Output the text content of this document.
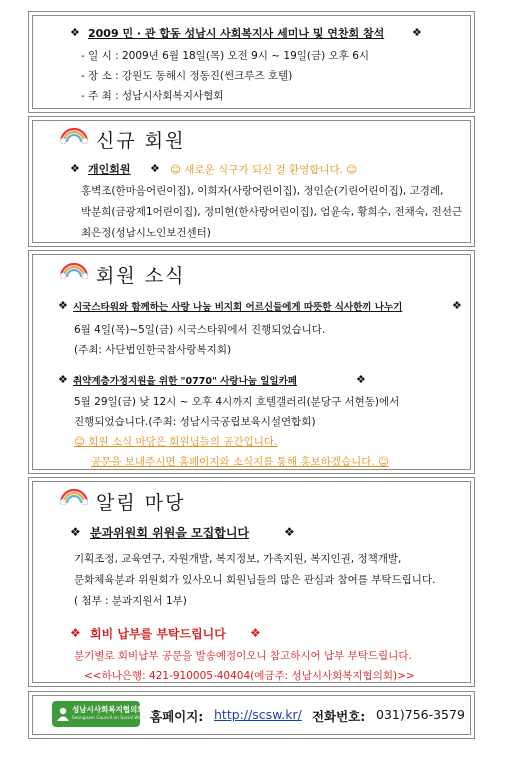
❖ 2009 민 · 관 합동 성남시 사회복지사 세미나 및 연찬회 참석	❖
- 일 시 : 2009년 6월 18일(목) 오전 9시 ~ 19일(금) 오후 6시
- 장 소 : 강원도 동해시 정동진(썬크루즈 호텔)
- 주 최 : 성남시사회복지사협회
신규 회원
❖ 개인회원 ❖ ☺ 새로운 식구가 되신 걸 환영합니다. ☺
홍벽조(한마음어린이집), 이희자(사랑어린이집), 정인순(기린어린이집), 고경례,
박분희(금광제1어린이집), 정미현(한사랑어린이집), 엄윤숙, 황희수, 전채숙, 전선근
최은정(성남시노인보건센터)
회원 소식
❖ 시국스타워와 함께하는 사랑 나눔 비지회 어르신들에게 따뜻한 식사한끼 나누기	❖
6월 4일(목)~5일(금) 시국스타워에서 진행되었습니다.
(주최: 사단법인한국참사랑복지회)
❖ 취약계층가정지원을 위한 "0770" 사랑나눔 일일카페	❖
5월 29일(금) 낮 12시 ~ 오후 4시까지 호텔갤러리(분당구 서현동)에서
진행되었습니다.(주최: 성남시국공립보육시설연합회)
☺ 회원 소식 마당은 회원님들의 공간입니다.
공문을 보내주시면 홈페이지와 소식지를 통해 홍보하겠습니다. ☺
알림 마당
❖ 분과위원회 위원을 모집합니다	❖
기획조정, 교육연구, 자원개발, 복지정보, 가족지원, 복지인권, 정책개발,
문화체육분과 위원회가 있사오니 회원님들의 많은 관심과 참여를 부탁드립니다.
( 첨부 : 분과지원서 1부)
❖ 회비 납부를 부탁드립니다 ❖
분기별로 회비납부 공문을 발송예정이오니 참고하시어 납부 부탁드립니다.
<<하나은행: 421-910005-40404(예금주: 성남시사회복지협의회)>>
성남시사회복지협의회
Seongnam Council on Social Welfare 홈페이지: http://scsw.kr/ 전화번호: 031)756-3579
